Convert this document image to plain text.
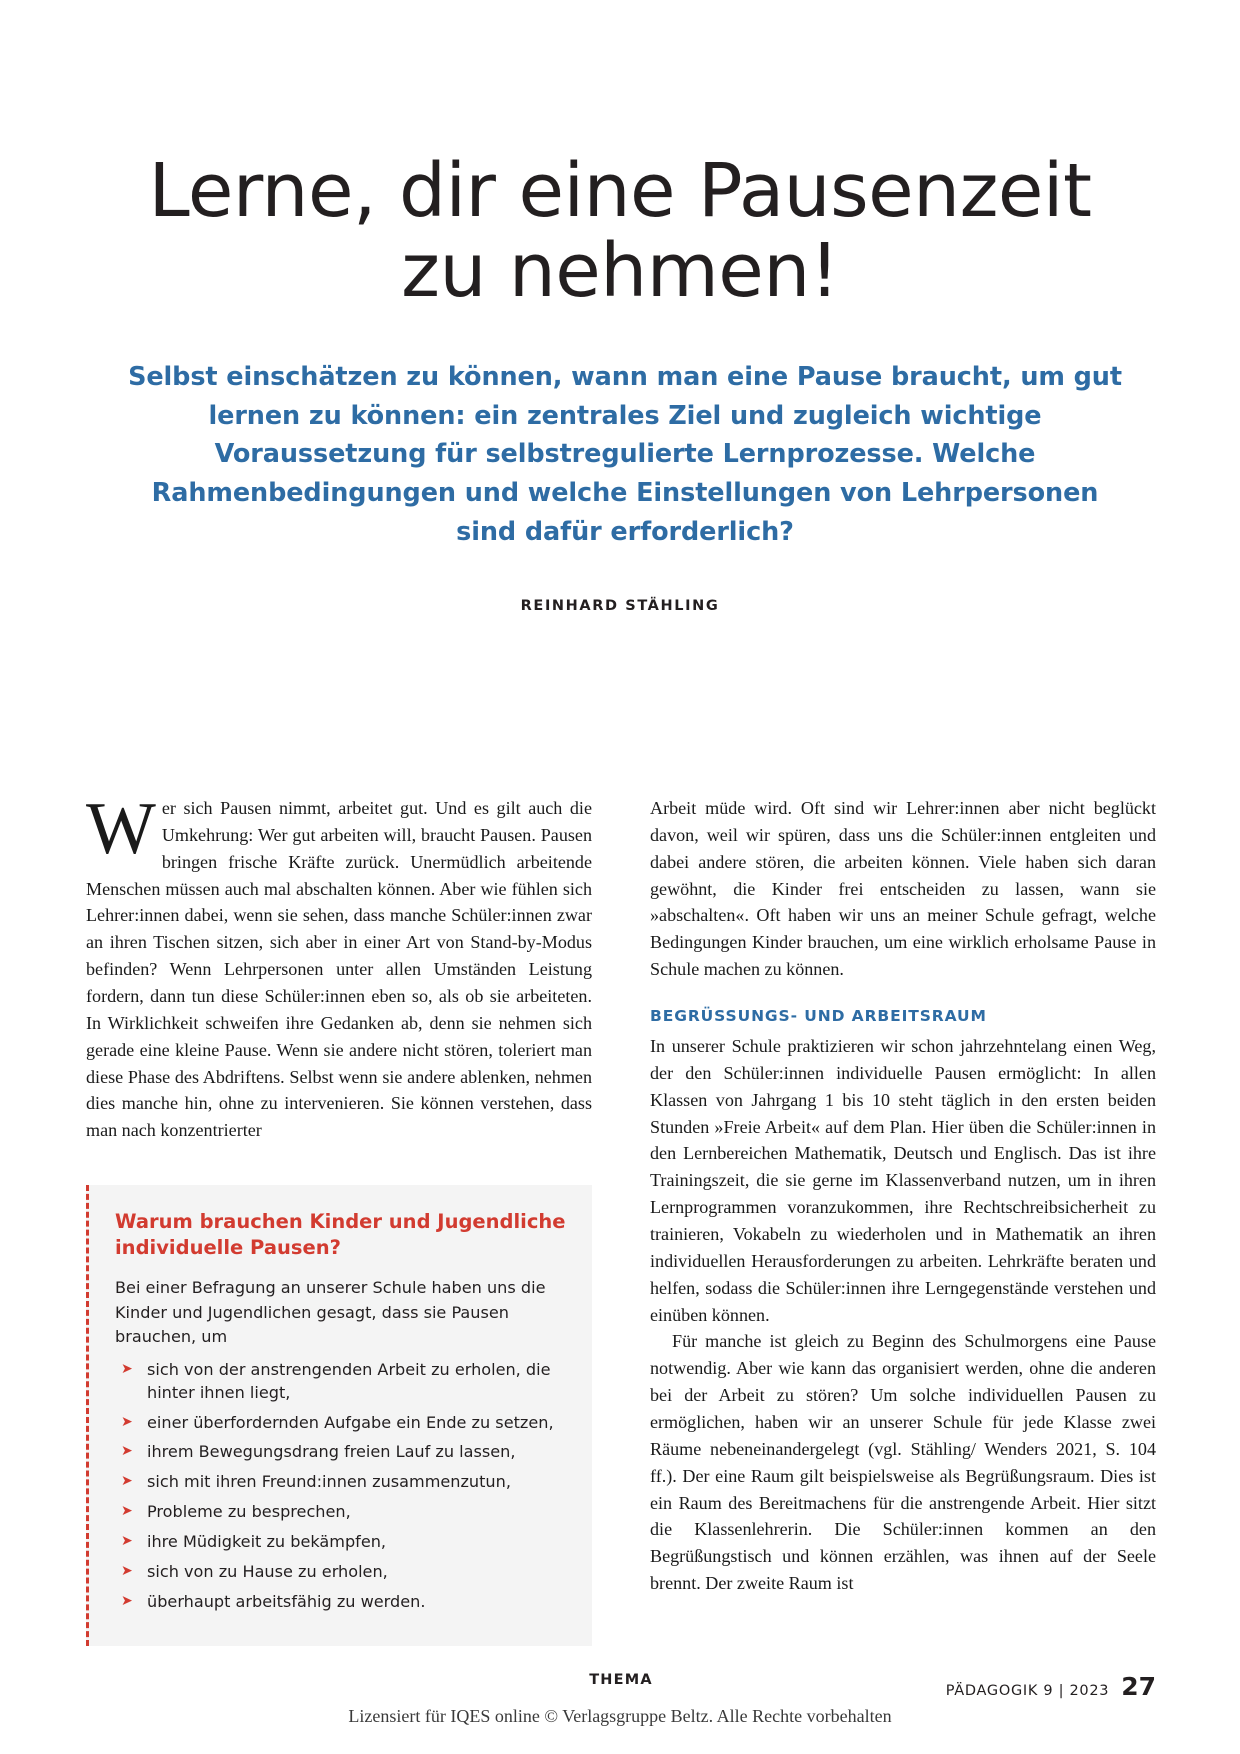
Lerne, dir eine Pausenzeit zu nehmen!
Selbst einschätzen zu können, wann man eine Pause braucht, um gut lernen zu können: ein zentrales Ziel und zugleich wichtige Voraussetzung für selbstregulierte Lernprozesse. Welche Rahmenbedingungen und welche Einstellungen von Lehrpersonen sind dafür erforderlich?
REINHARD STÄHLING

Wer sich Pausen nimmt, arbeitet gut. Und es gilt auch die Umkehrung: Wer gut arbeiten will, braucht Pausen. Pausen bringen frische Kräfte zurück. Unermüdlich arbeitende Menschen müssen auch mal abschalten können. Aber wie fühlen sich Lehrer:innen dabei, wenn sie sehen, dass manche Schüler:innen zwar an ihren Tischen sitzen, sich aber in einer Art von Stand-by-Modus befinden? Wenn Lehrpersonen unter allen Umständen Leistung fordern, dann tun diese Schüler:innen eben so, als ob sie arbeiteten. In Wirklichkeit schweifen ihre Gedanken ab, denn sie nehmen sich gerade eine kleine Pause. Wenn sie andere nicht stören, toleriert man diese Phase des Abdriftens. Selbst wenn sie andere ablenken, nehmen dies manche hin, ohne zu intervenieren. Sie können verstehen, dass man nach konzentrierter

Arbeit müde wird. Oft sind wir Lehrer:innen aber nicht beglückt davon, weil wir spüren, dass uns die Schüler:innen entgleiten und dabei andere stören, die arbeiten können. Viele haben sich daran gewöhnt, die Kinder frei entscheiden zu lassen, wann sie »abschalten«. Oft haben wir uns an meiner Schule gefragt, welche Bedingungen Kinder brauchen, um eine wirklich erholsame Pause in Schule machen zu können.

BEGRÜSSUNGS- UND ARBEITSRAUM

In unserer Schule praktizieren wir schon jahrzehntelang einen Weg, der den Schüler:innen individuelle Pausen ermöglicht: In allen Klassen von Jahrgang 1 bis 10 steht täglich in den ersten beiden Stunden »Freie Arbeit« auf dem Plan. Hier üben die Schüler:innen in den Lernbereichen Mathematik, Deutsch und Englisch. Das ist ihre Trainingszeit, die sie gerne im Klassenverband nutzen, um in ihren Lernprogrammen voranzukommen, ihre Rechtschreibsicherheit zu trainieren, Vokabeln zu wiederholen und in Mathematik an ihren individuellen Herausforderungen zu arbeiten. Lehrkräfte beraten und helfen, sodass die Schüler:innen ihre Lerngegenstände verstehen und einüben können.

Für manche ist gleich zu Beginn des Schulmorgens eine Pause notwendig. Aber wie kann das organisiert werden, ohne die anderen bei der Arbeit zu stören? Um solche individuellen Pausen zu ermöglichen, haben wir an unserer Schule für jede Klasse zwei Räume nebeneinandergelegt (vgl. Stähling/ Wenders 2021, S. 104 ff.). Der eine Raum gilt beispielsweise als Begrüßungsraum. Dies ist ein Raum des Bereitmachens für die anstrengende Arbeit. Hier sitzt die Klassenlehrerin. Die Schüler:innen kommen an den Begrüßungstisch und können erzählen, was ihnen auf der Seele brennt. Der zweite Raum ist

Warum brauchen Kinder und Jugendliche individuelle Pausen?

Bei einer Befragung an unserer Schule haben uns die Kinder und Jugendlichen gesagt, dass sie Pausen brauchen, um

➤ sich von der anstrengenden Arbeit zu erholen, die hinter ihnen liegt,
➤ einer überfordernden Aufgabe ein Ende zu setzen,
➤ ihrem Bewegungsdrang freien Lauf zu lassen,
➤ sich mit ihren Freund:innen zusammenzutun,
➤ Probleme zu besprechen,
➤ ihre Müdigkeit zu bekämpfen,
➤ sich von zu Hause zu erholen,
➤ überhaupt arbeitsfähig zu werden.
THEMA
PÄDAGOGIK 9 | 2023 27
Lizensiert für IQES online © Verlagsgruppe Beltz. Alle Rechte vorbehalten
